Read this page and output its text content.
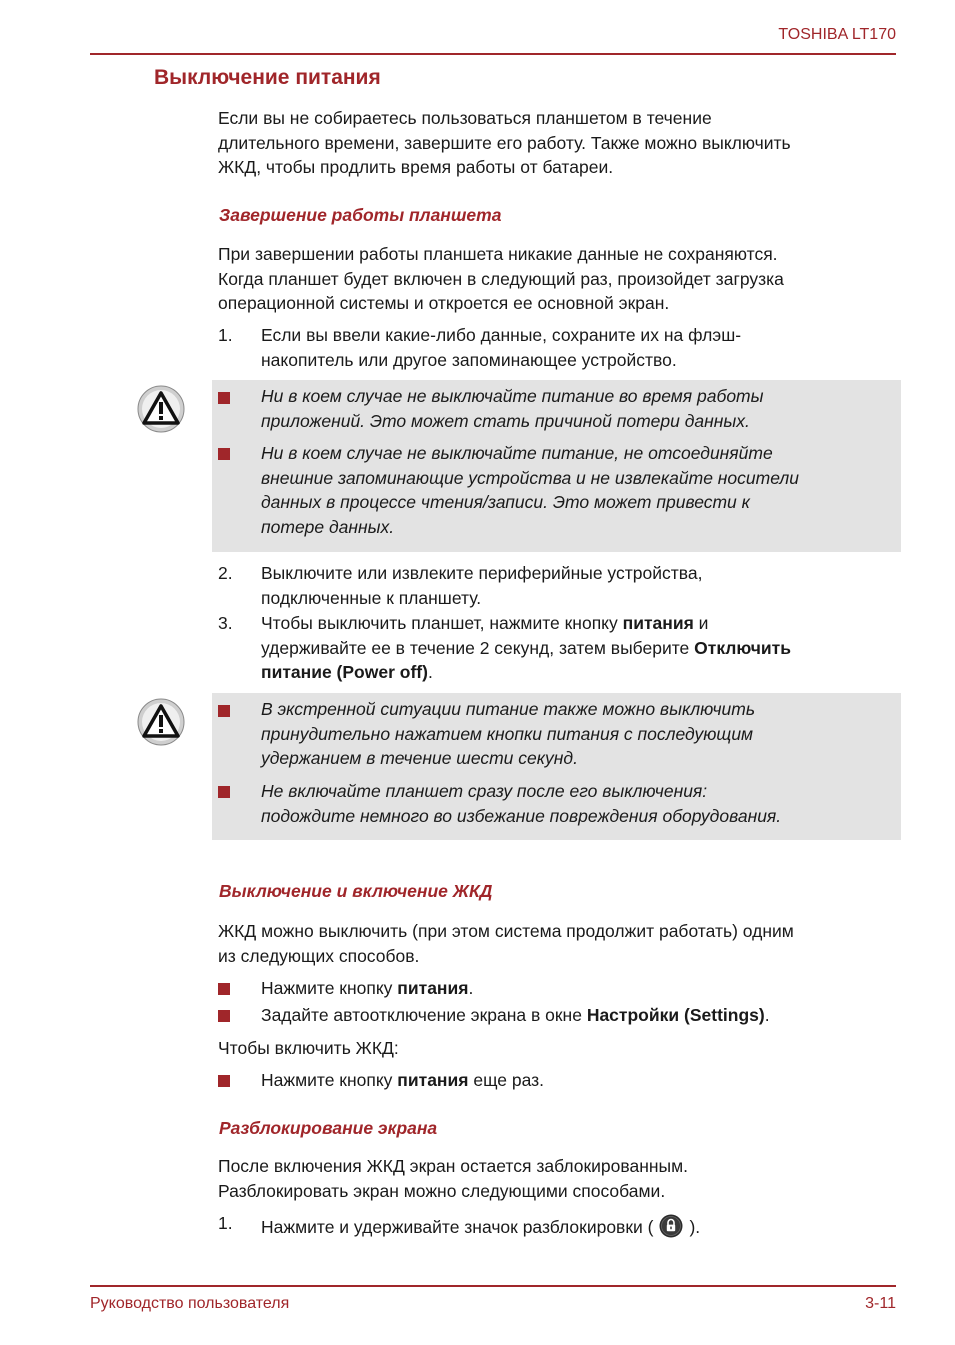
TOSHIBA LT170
Выключение питания
Если вы не собираетесь пользоваться планшетом в течение
длительного времени, завершите его работу. Также можно выключить
ЖКД, чтобы продлить время работы от батареи.
Завершение работы планшета
При завершении работы планшета никакие данные не сохраняются.
Когда планшет будет включен в следующий раз, произойдет загрузка
операционной системы и откроется ее основной экран.
1. Если вы ввели какие-либо данные, сохраните их на флэш-
накопитель или другое запоминающее устройство.
Ни в коем случае не выключайте питание во время работы
приложений. Это может стать причиной потери данных.
Ни в коем случае не выключайте питание, не отсоединяйте
внешние запоминающие устройства и не извлекайте носители
данных в процессе чтения/записи. Это может привести к
потере данных.
2. Выключите или извлеките периферийные устройства,
подключенные к планшету.
3. Чтобы выключить планшет, нажмите кнопку питания и
удерживайте ее в течение 2 секунд, затем выберите Отключить
питание (Power off).
В экстренной ситуации питание также можно выключить
принудительно нажатием кнопки питания с последующим
удержанием в течение шести секунд.
Не включайте планшет сразу после его выключения:
подождите немного во избежание повреждения оборудования.
Выключение и включение ЖКД
ЖКД можно выключить (при этом система продолжит работать) одним
из следующих способов.
Нажмите кнопку питания.
Задайте автоотключение экрана в окне Настройки (Settings).
Чтобы включить ЖКД:
Нажмите кнопку питания еще раз.
Разблокирование экрана
После включения ЖКД экран остается заблокированным.
Разблокировать экран можно следующими способами.
1. Нажмите и удерживайте значок разблокировки ( ).
Руководство пользователя	3-11
